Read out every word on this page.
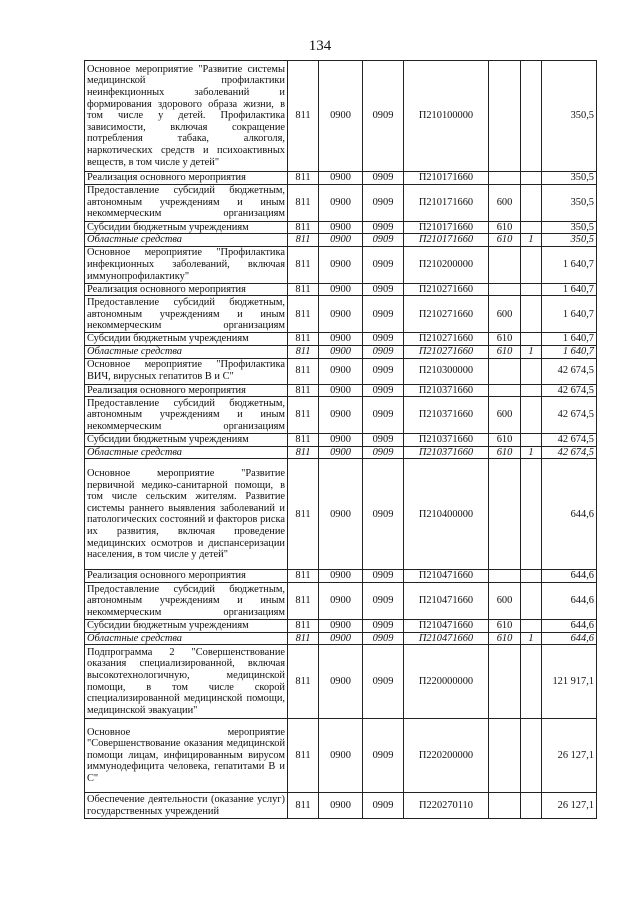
134
Основное мероприятие "Развитие системы медицинской профилактики неинфекционных заболеваний и формирования здорового образа жизни, в том числе у детей. Профилактика зависимости, включая сокращение потребления табака, алкоголя, наркотических средств и психоактивных веществ, в том числе у детей"	811	0900	0909	П210100000			350,5
Реализация основного мероприятия	811	0900	0909	П210171660			350,5
Предоставление субсидий бюджетным, автономным учреждениям и иным некоммерческим организациям	811	0900	0909	П210171660	600		350,5
Субсидии бюджетным учреждениям	811	0900	0909	П210171660	610		350,5
Областные средства	811	0900	0909	П210171660	610	1	350,5
Основное мероприятие "Профилактика инфекционных заболеваний, включая иммунопрофилактику"	811	0900	0909	П210200000			1 640,7
Реализация основного мероприятия	811	0900	0909	П210271660			1 640,7
Предоставление субсидий бюджетным, автономным учреждениям и иным некоммерческим организациям	811	0900	0909	П210271660	600		1 640,7
Субсидии бюджетным учреждениям	811	0900	0909	П210271660	610		1 640,7
Областные средства	811	0900	0909	П210271660	610	1	1 640,7
Основное мероприятие "Профилактика ВИЧ, вирусных гепатитов В и С"	811	0900	0909	П210300000			42 674,5
Реализация основного мероприятия	811	0900	0909	П210371660			42 674,5
Предоставление субсидий бюджетным, автономным учреждениям и иным некоммерческим организациям	811	0900	0909	П210371660	600		42 674,5
Субсидии бюджетным учреждениям	811	0900	0909	П210371660	610		42 674,5
Областные средства	811	0900	0909	П210371660	610	1	42 674,5
Основное мероприятие "Развитие первичной медико-санитарной помощи, в том числе сельским жителям. Развитие системы раннего выявления заболеваний и патологических состояний и факторов риска их развития, включая проведение медицинских осмотров и диспансеризации населения, в том числе у детей"	811	0900	0909	П210400000			644,6
Реализация основного мероприятия	811	0900	0909	П210471660			644,6
Предоставление субсидий бюджетным, автономным учреждениям и иным некоммерческим организациям	811	0900	0909	П210471660	600		644,6
Субсидии бюджетным учреждениям	811	0900	0909	П210471660	610		644,6
Областные средства	811	0900	0909	П210471660	610	1	644,6
Подпрограмма 2 "Совершенствование оказания специализированной, включая высокотехнологичную, медицинской помощи, в том числе скорой специализированной медицинской помощи, медицинской эвакуации"	811	0900	0909	П220000000			121 917,1
Основное мероприятие "Совершенствование оказания медицинской помощи лицам, инфицированным вирусом иммунодефицита человека, гепатитами В и С"	811	0900	0909	П220200000			26 127,1
Обеспечение деятельности (оказание услуг) государственных учреждений	811	0900	0909	П220270110			26 127,1
